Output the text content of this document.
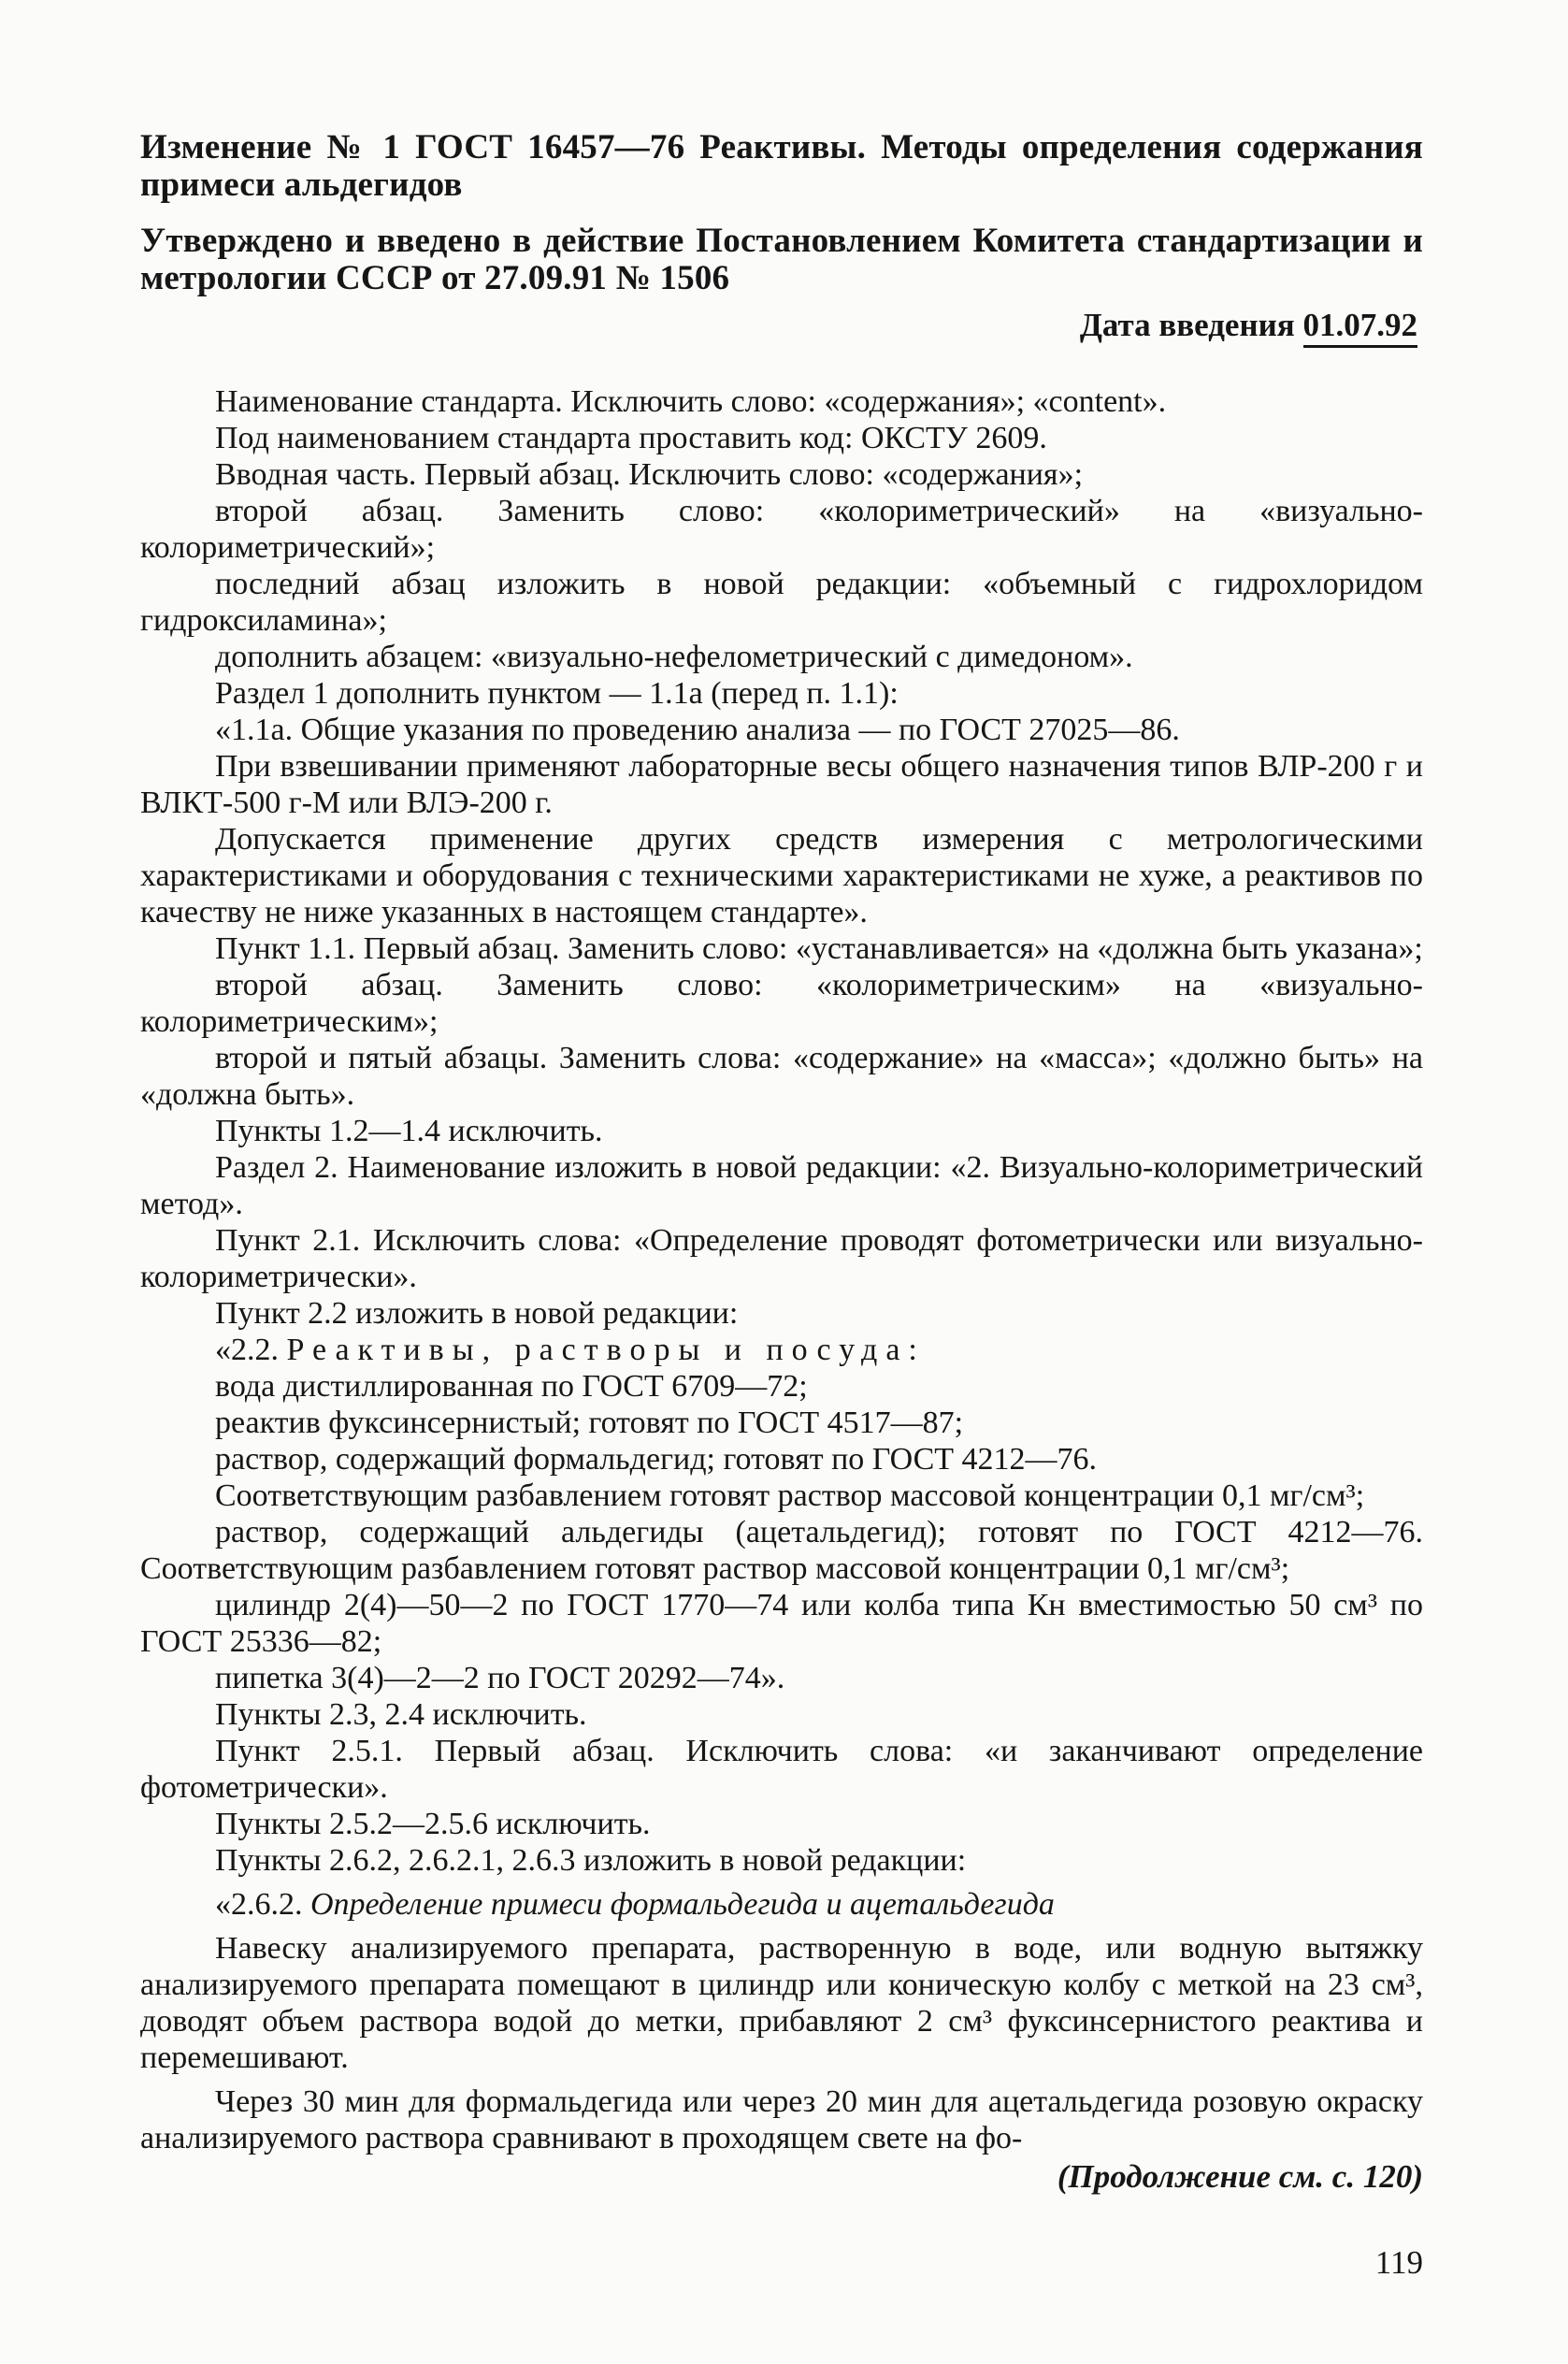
Изменение № 1 ГОСТ 16457—76 Реактивы. Методы определения содержания примеси альдегидов
Утверждено и введено в действие Постановлением Комитета стандартизации и метрологии СССР от 27.09.91 № 1506
Дата введения 01.07.92

Наименование стандарта. Исключить слово: «содержания»; «content».

Под наименованием стандарта проставить код: ОКСТУ 2609.

Вводная часть. Первый абзац. Исключить слово: «содержания»;

второй абзац. Заменить слово: «колориметрический» на «визуально-колориметрический»;

последний абзац изложить в новой редакции: «объемный с гидрохлоридом гидроксиламина»;

дополнить абзацем: «визуально-нефелометрический с димедоном».

Раздел 1 дополнить пунктом — 1.1а (перед п. 1.1):

«1.1а. Общие указания по проведению анализа — по ГОСТ 27025—86.

При взвешивании применяют лабораторные весы общего назначения типов ВЛР-200 г и ВЛКТ-500 г-М или ВЛЭ-200 г.

Допускается применение других средств измерения с метрологическими характеристиками и оборудования с техническими характеристиками не хуже, а реактивов по качеству не ниже указанных в настоящем стандарте».

Пункт 1.1. Первый абзац. Заменить слово: «устанавливается» на «должна быть указана»;

второй абзац. Заменить слово: «колориметрическим» на «визуально-колориметрическим»;

второй и пятый абзацы. Заменить слова: «содержание» на «масса»; «должно быть» на «должна быть».

Пункты 1.2—1.4 исключить.

Раздел 2. Наименование изложить в новой редакции: «2. Визуально-колориметрический метод».

Пункт 2.1. Исключить слова: «Определение проводят фотометрически или визуально-колориметрически».

Пункт 2.2 изложить в новой редакции:

«2.2. Реактивы, растворы и посуда:

вода дистиллированная по ГОСТ 6709—72;

реактив фуксинсернистый; готовят по ГОСТ 4517—87;

раствор, содержащий формальдегид; готовят по ГОСТ 4212—76.

Соответствующим разбавлением готовят раствор массовой концентрации 0,1 мг/см³;

раствор, содержащий альдегиды (ацетальдегид); готовят по ГОСТ 4212—76. Соответствующим разбавлением готовят раствор массовой концентрации 0,1 мг/см³;

цилиндр 2(4)—50—2 по ГОСТ 1770—74 или колба типа Кн вместимостью 50 см³ по ГОСТ 25336—82;

пипетка 3(4)—2—2 по ГОСТ 20292—74».

Пункты 2.3, 2.4 исключить.

Пункт 2.5.1. Первый абзац. Исключить слова: «и заканчивают определение фотометрически».

Пункты 2.5.2—2.5.6 исключить.

Пункты 2.6.2, 2.6.2.1, 2.6.3 изложить в новой редакции:

«2.6.2. Определение примеси формальдегида и ацетальдегида

Навеску анализируемого препарата, растворенную в воде, или водную вытяжку анализируемого препарата помещают в цилиндр или коническую колбу с меткой на 23 см³, доводят объем раствора водой до метки, прибавляют 2 см³ фуксинсернистого реактива и перемешивают.

Через 30 мин для формальдегида или через 20 мин для ацетальдегида розовую окраску анализируемого раствора сравнивают в проходящем свете на фо-

(Продолжение см. с. 120)
119
